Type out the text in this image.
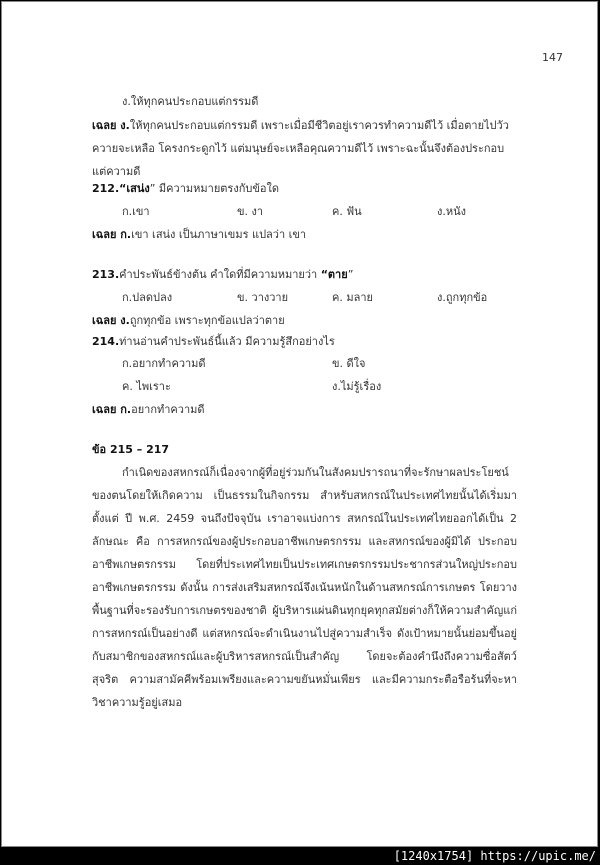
147
ง.ให้ทุกคนประกอบแต่กรรมดี
เฉลย ง.ให้ทุกคนประกอบแต่กรรมดี เพราะเมื่อมีชีวิตอยู่เราควรทำความดีไว้ เมื่อตายไปวัว ควายจะเหลือ โครงกระดูกไว้ แต่มนุษย์จะเหลือคุณความดีไว้ เพราะฉะนั้นจึงต้องประกอบแต่ความดี
212.“เสน่ง” มีความหมายตรงกับข้อใด
ก.เขา	ข. งา	ค. ฟัน	ง.หนัง
เฉลย ก.เขา เสน่ง เป็นภาษาเขมร แปลว่า เขา
213.คำประพันธ์ข้างต้น คำใดที่มีความหมายว่า “ตาย”
ก.ปลดปลง	ข. วางวาย	ค. มลาย	ง.ถูกทุกข้อ
เฉลย ง.ถูกทุกข้อ เพราะทุกข้อแปลว่าตาย
214.ท่านอ่านคำประพันธ์นี้แล้ว มีความรู้สึกอย่างไร
ก.อยากทำความดี	ข. ดีใจ
ค. ไพเราะ	ง.ไม่รู้เรื่อง
เฉลย ก.อยากทำความดี
ข้อ 215 – 217
กำเนิดของสหกรณ์ก็เนื่องจากผู้ที่อยู่ร่วมกันในสังคมปรารถนาที่จะรักษาผลประโยชน์ของตนโดยให้เกิดความ เป็นธรรมในกิจกรรม สำหรับสหกรณ์ในประเทศไทยนั้นได้เริ่มมาตั้งแต่ ปี พ.ศ. 2459 จนถึงปัจจุบัน เราอาจแบ่งการ สหกรณ์ในประเทศไทยออกได้เป็น 2 ลักษณะ คือ การสหกรณ์ของผู้ประกอบอาชีพเกษตรกรรม และสหกรณ์ของผู้มิได้ ประกอบอาชีพเกษตรกรรม โดยที่ประเทศไทยเป็นประเทศเกษตรกรรมประชากรส่วนใหญ่ประกอบอาชีพเกษตรกรรม ดังนั้น การส่งเสริมสหกรณ์จึงเน้นหนักในด้านสหกรณ์การเกษตร โดยวางพื้นฐานที่จะรองรับการเกษตรของชาติ ผู้บริหารแผ่นดินทุกยุคทุกสมัยต่างก็ให้ความสำคัญแก่การสหกรณ์เป็นอย่างดี แต่สหกรณ์จะดำเนินงานไปสู่ความสำเร็จ ดังเป้าหมายนั้นย่อมขึ้นอยู่กับสมาชิกของสหกรณ์และผู้บริหารสหกรณ์เป็นสำคัญ โดยจะต้องคำนึงถึงความซื่อสัตว์สุจริต ความสามัคคีพร้อมเพรียงและความขยันหมั่นเพียร และมีความกระตือรือร้นที่จะหาวิชาความรู้อยู่เสมอ
[1240x1754] https://upic.me/
